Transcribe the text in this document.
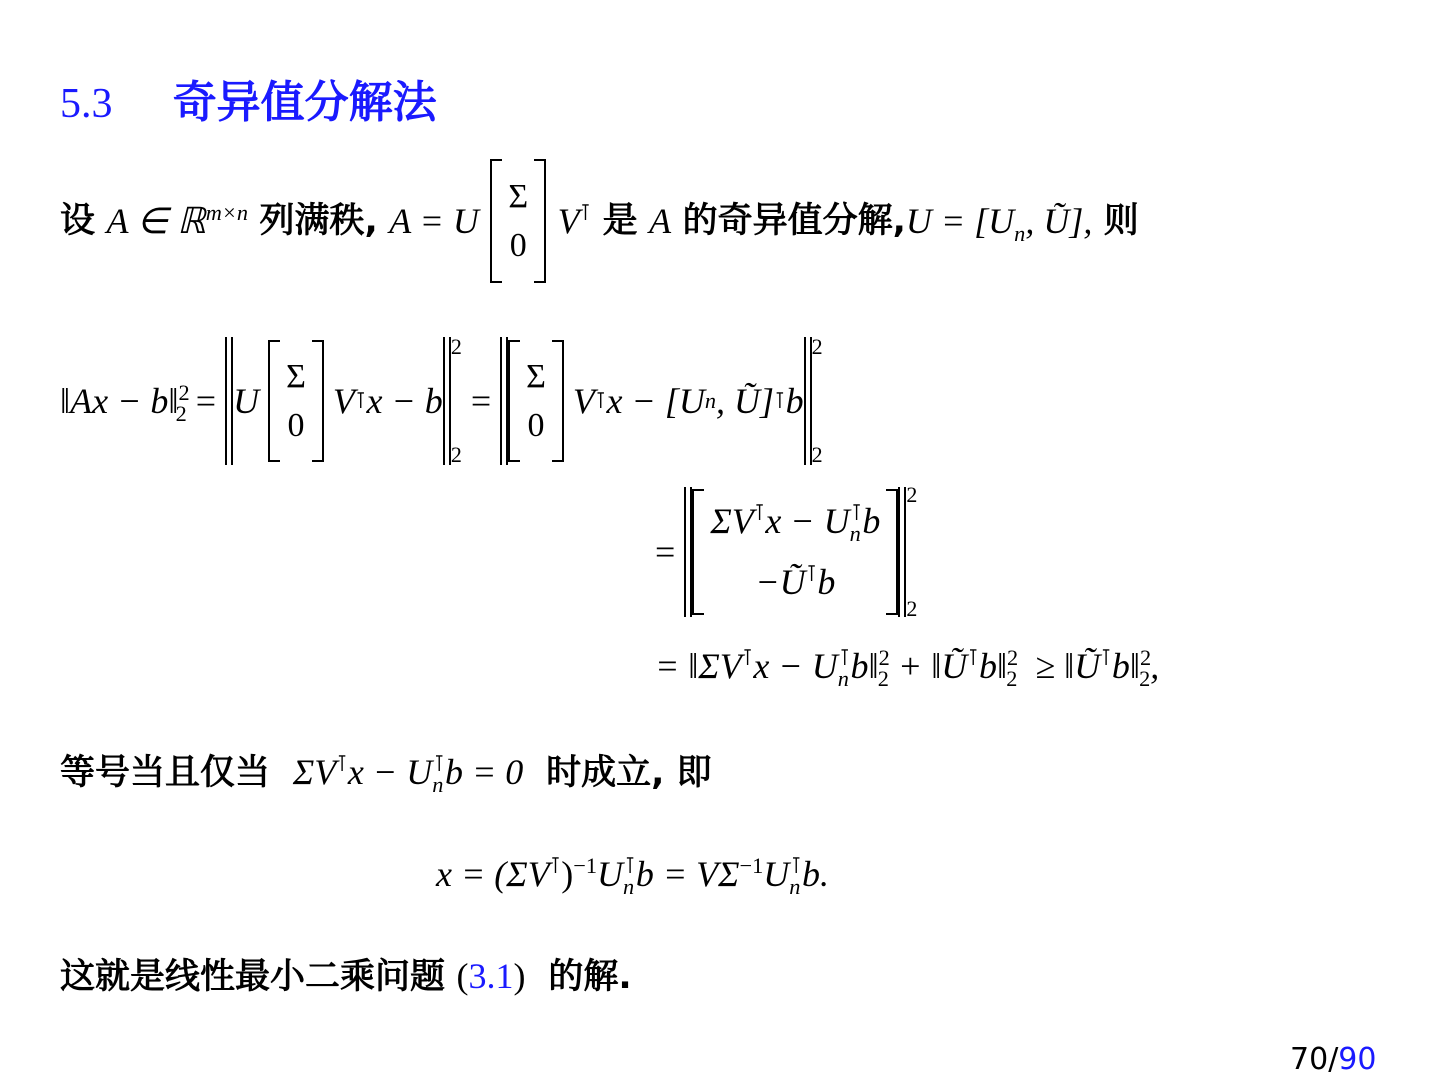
5.3 奇异值分解法
设
A ∈ ℝ$^{m\times n}$
列满秩,
A = U

Σ
0

V⊺
是
A
的奇异值分解, $U = [U_n$, Ũ],
则
‖Ax − b‖$^2_2$
=
U

Σ
0

V ⊺ x − b
2
2

=

Σ
0

V ⊺ x − [U n , Ũ] ⊺ b
2
2
=

$\Sigma V^⊺x - U_n^⊺b$
−Ũ⊺b
2
2
= ‖ΣV⊺x − $U_n^⊺b‖^2_2$ + ‖Ũ⊺b‖$^2_2$ ≥ ‖Ũ⊺b‖$^2_2$,
等号当且仅当 $\Sigma V^⊺x - U_n^⊺b = 0$ 时成立, 即
$x = (\Sigma V^⊺)^{-1}U_n^⊺b = V\Sigma^{-1}U_n^⊺b$.
这就是线性最小二乘问题 (3.1) 的解.
70/90
